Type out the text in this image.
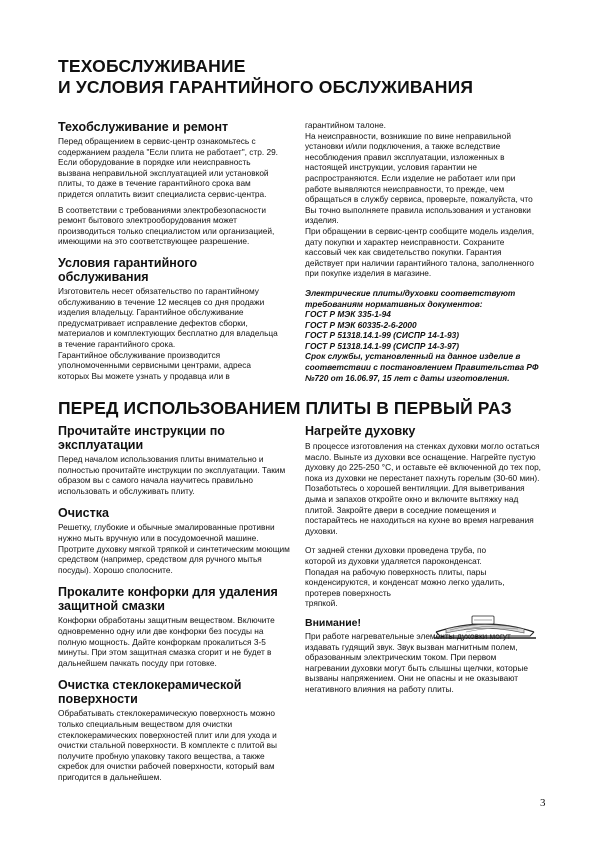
ТЕХОБСЛУЖИВАНИЕ
И УСЛОВИЯ ГАРАНТИЙНОГО ОБСЛУЖИВАНИЯ
Техобслуживание и ремонт

Перед обращением в сервис-центр ознакомьтесь с содержанием раздела "Если плита не работает", стр. 29. Если оборудование в порядке или неисправность вызвана неправильной эксплуатацией или установкой плиты, то даже в течение гарантийного срока вам придется оплатить визит специалиста сервис-центра.

В соответствии с требованиями электробезопасности ремонт бытового электрооборудования может производиться только специалистом или организацией, имеющими на это соответствующее разрешение.

Условия гарантийного обслуживания

Изготовитель несет обязательство по гарантийному обслуживанию в течение 12 месяцев со дня продажи изделия владельцу. Гарантийное обслуживание предусматривает исправление дефектов сборки, материалов и комплектующих бесплатно для владельца в течение гарантийного срока.

Гарантийное обслуживание производится уполномоченными сервисными центрами, адреса которых Вы можете узнать у продавца или в

гарантийном талоне.

На неисправности, возникшие по вине неправильной установки и/или подключения, а также вследствие несоблюдения правил эксплуатации, изложенных в настоящей инструкции, условия гарантии не распространяются. Если изделие не работает или при работе выявляются неисправности, то прежде, чем обращаться в службу сервиса, проверьте, пожалуйста, что Вы точно выполняете правила использования и установки изделия.

При обращении в сервис-центр сообщите модель изделия, дату покупки и характер неисправности. Сохраните кассовый чек как свидетельство покупки. Гарантия действует при наличии гарантийного талона, заполненного при покупке изделия в магазине.

Электрические плиты/духовки соответствуют

требованиям нормативных документов:

ГОСТ Р МЭК 335-1-94

ГОСТ Р МЭК 60335-2-6-2000

ГОСТ Р 51318.14.1-99 (СИСПР 14-1-93)

ГОСТ Р 51318.14.1-99 (СИСПР 14-3-97)

Срок службы, установленный на данное изделие в

соответствии с постановлением Правительства РФ

№720 от 16.06.97, 15 лет с даты изготовления.

ПЕРЕД ИСПОЛЬЗОВАНИЕМ ПЛИТЫ В ПЕРВЫЙ РАЗ
Прочитайте инструкции по
эксплуатации

Перед началом использования плиты внимательно и полностью прочитайте инструкции по эксплуатации. Таким образом вы с самого начала научитесь правильно использовать и обслуживать плиту.

Очистка

Решетку, глубокие и обычные эмалированные противни нужно мыть вручную или в посудомоечной машине. Протрите духовку мягкой тряпкой и синтетическим моющим средством (например, средством для ручного мытья посуды). Хорошо сполосните.

Прокалите конфорки для удаления
защитной смазки

Конфорки обработаны защитным веществом. Включите одновременно одну или две конфорки без посуды на полную мощность. Дайте конфоркам прокалиться 3-5 минуты. При этом защитная смазка сгорит и не будет в дальнейшем пачкать посуду при готовке.

Очистка стеклокерамической
поверхности

Обрабатывать стеклокерамическую поверхность можно только специальным веществом для очистки стеклокерамических поверхностей плит или для ухода и очистки стальной поверхности. В комплекте с плитой вы получите пробную упаковку такого вещества, а также скребок для очистки рабочей поверхности, который вам пригодится в дальнейшем.

Нагрейте духовку

В процессе изготовления на стенках духовки могло остаться масло. Выньте из духовки все оснащение. Нагрейте пустую духовку до 225-250 °C, и оставьте её включенной до тех пор, пока из духовки не перестанет пахнуть горелым (30-60 мин). Позаботьтесь о хорошей вентиляции. Для выветривания дыма и запахов откройте окно и включите вытяжку над плитой. Закройте двери в соседние помещения и постарайтесь не находиться на кухне во время нагревания духовки.

От задней стенки духовки проведена труба, по

которой из духовки удаляется пароконденсат.

Попадая на рабочую поверхность плиты, пары

конденсируются, и конденсат можно легко удалить,

протерев поверхность

тряпкой.

Внимание!

При работе нагревательные элементы духовки могут издавать гудящий звук. Звук вызван магнитным полем, образованным электрическим током. При первом нагревании духовки могут быть слышны щелчки, которые вызваны напряжением. Они не опасны и не оказывают негативного влияния на работу плиты.

3
